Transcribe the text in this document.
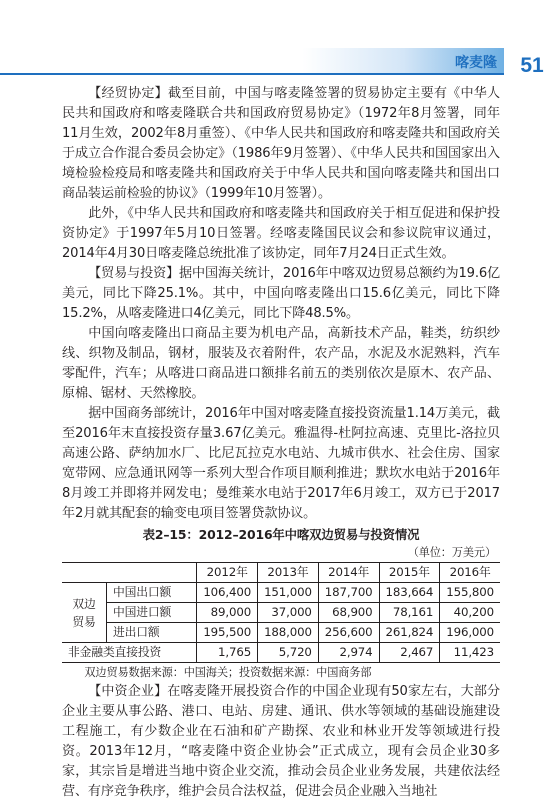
喀麦隆	51

【经贸协定】截至目前，中国与喀麦隆签署的贸易协定主要有《中华人民共和国政府和喀麦隆联合共和国政府贸易协定》（1972年8月签署，同年11月生效，2002年8月重签）、《中华人民共和国政府和喀麦隆共和国政府关于成立合作混合委员会协定》（1986年9月签署）、《中华人民共和国国家出入境检验检疫局和喀麦隆共和国政府关于中华人民共和国向喀麦隆共和国出口商品装运前检验的协议》（1999年10月签署）。

此外，《中华人民共和国政府和喀麦隆共和国政府关于相互促进和保护投资协定》于1997年5月10日签署。经喀麦隆国民议会和参议院审议通过，2014年4月30日喀麦隆总统批准了该协定，同年7月24日正式生效。

【贸易与投资】据中国海关统计，2016年中喀双边贸易总额约为19.6亿美元，同比下降25.1%。其中，中国向喀麦隆出口15.6亿美元，同比下降15.2%，从喀麦隆进口4亿美元，同比下降48.5%。

中国向喀麦隆出口商品主要为机电产品，高新技术产品，鞋类，纺织纱线、织物及制品，钢材，服装及衣着附件，农产品，水泥及水泥熟料，汽车零配件，汽车；从喀进口商品进口额排名前五的类别依次是原木、农产品、原棉、锯材、天然橡胶。

据中国商务部统计，2016年中国对喀麦隆直接投资流量1.14万美元，截至2016年末直接投资存量3.67亿美元。雅温得-杜阿拉高速、克里比-洛拉贝高速公路、萨纳加水厂、比尼瓦拉克水电站、九城市供水、社会住房、国家宽带网、应急通讯网等一系列大型合作项目顺利推进；默坎水电站于2016年8月竣工并即将并网发电；曼维莱水电站于2017年6月竣工，双方已于2017年2月就其配套的输变电项目签署贷款协议。

表2–15：2012–2016年中喀双边贸易与投资情况
（单位：万美元）
		2012年	2013年	2014年	2015年	2016年
双边贸易	中国出口额	106,400	151,000	187,700	183,664	155,800
	中国进口额	89,000	37,000	68,900	78,161	40,200
	进出口额	195,500	188,000	256,600	261,824	196,000
非金融类直接投资		1,765	5,720	2,974	2,467	11,423

双边贸易数据来源：中国海关；投资数据来源：中国商务部

【中资企业】在喀麦隆开展投资合作的中国企业现有50家左右，大部分企业主要从事公路、港口、电站、房建、通讯、供水等领域的基础设施建设工程施工，有少数企业在石油和矿产勘探、农业和林业开发等领域进行投资。2013年12月，“喀麦隆中资企业协会”正式成立，现有会员企业30多家，其宗旨是增进当地中资企业交流，推动会员企业业务发展，共建依法经营、有序竞争秩序，维护会员合法权益，促进会员企业融入当地社
